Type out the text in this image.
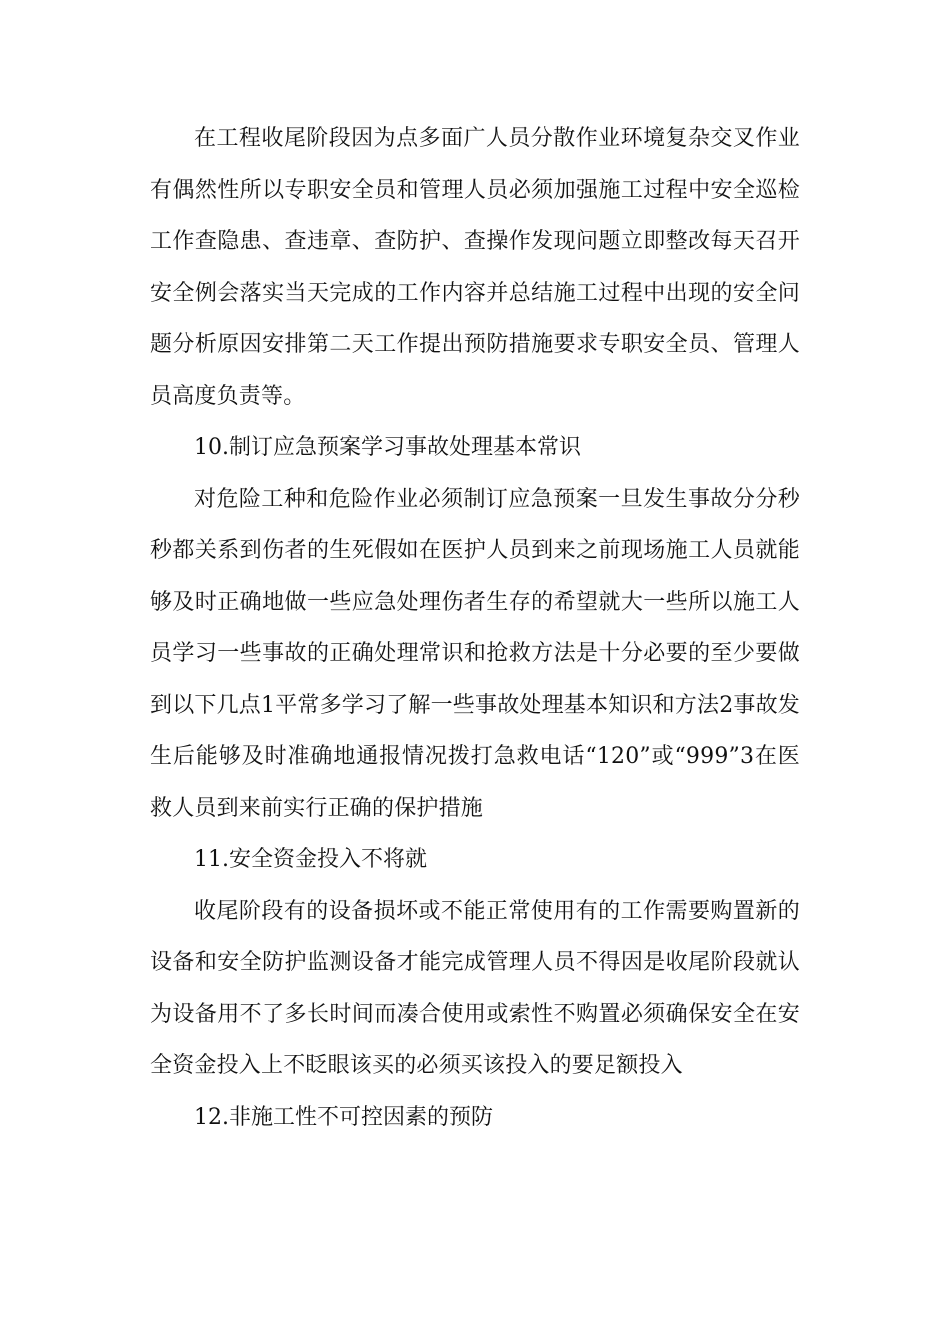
在工程收尾阶段因为点多面广人员分散作业环境复杂交叉作业有偶然性所以专职安全员和管理人员必须加强施工过程中安全巡检工作查隐患、查违章、查防护、查操作发现问题立即整改每天召开安全例会落实当天完成的工作内容并总结施工过程中出现的安全问题分析原因安排第二天工作提出预防措施要求专职安全员、管理人员高度负责等。

10.制订应急预案学习事故处理基本常识

对危险工种和危险作业必须制订应急预案一旦发生事故分分秒秒都关系到伤者的生死假如在医护人员到来之前现场施工人员就能够及时正确地做一些应急处理伤者生存的希望就大一些所以施工人员学习一些事故的正确处理常识和抢救方法是十分必要的至少要做到以下几点1平常多学习了解一些事故处理基本知识和方法2事故发生后能够及时准确地通报情况拨打急救电话“120”或“999”3在医救人员到来前实行正确的保护措施

11.安全资金投入不将就

收尾阶段有的设备损坏或不能正常使用有的工作需要购置新的设备和安全防护监测设备才能完成管理人员不得因是收尾阶段就认为设备用不了多长时间而凑合使用或索性不购置必须确保安全在安全资金投入上不眨眼该买的必须买该投入的要足额投入

12.非施工性不可控因素的预防
